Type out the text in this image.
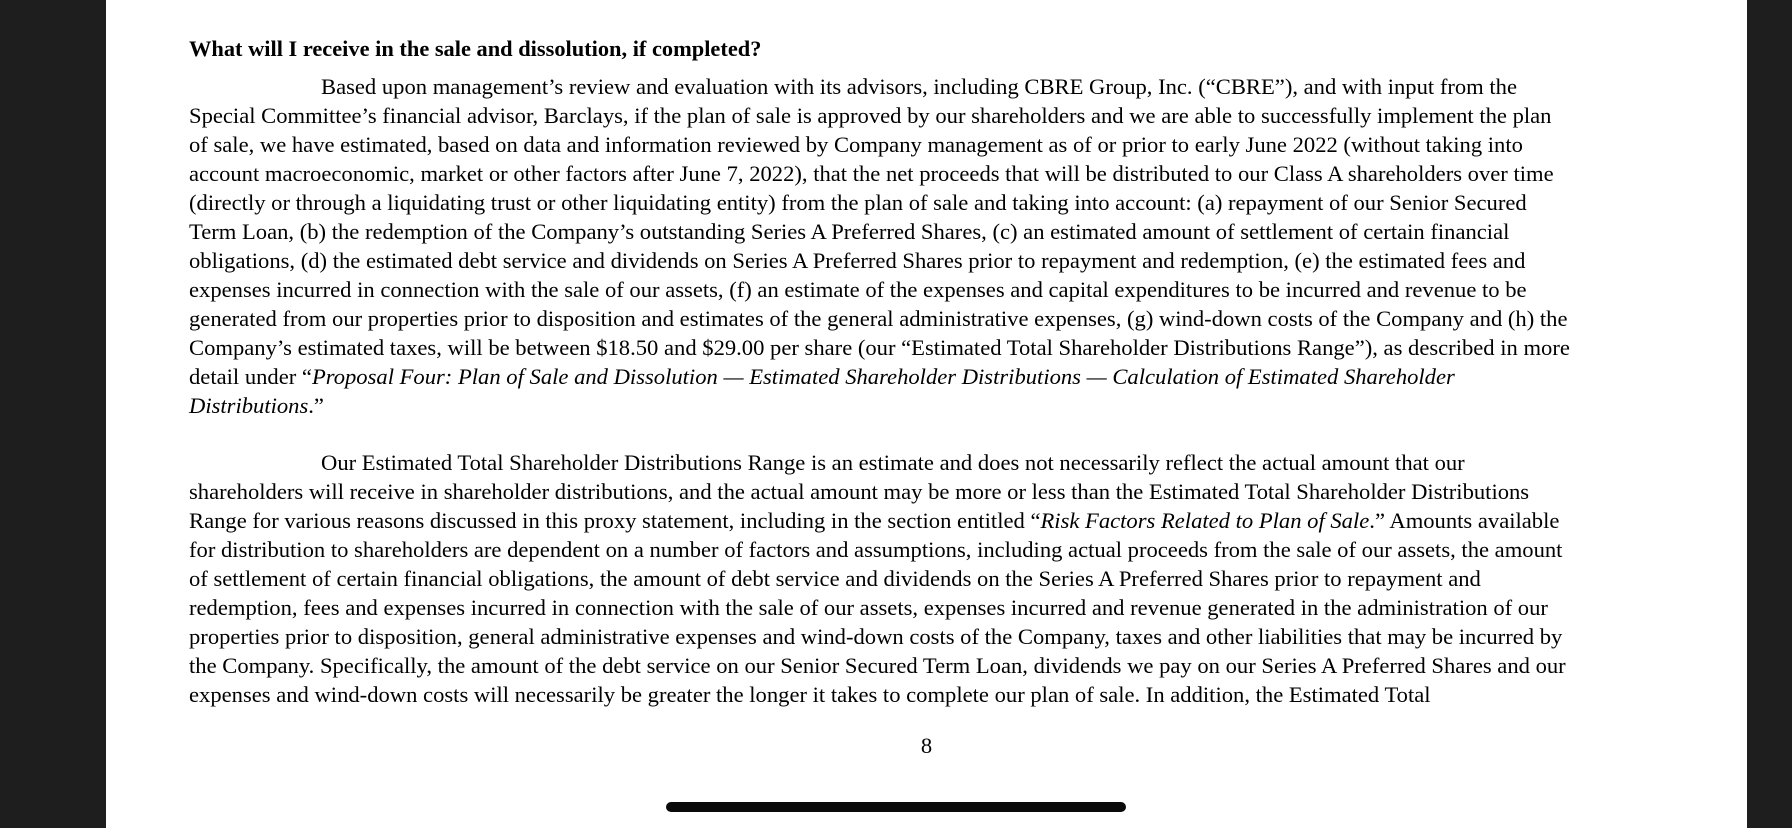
What will I receive in the sale and dissolution, if completed?
Based upon management’s review and evaluation with its advisors, including CBRE Group, Inc. (“CBRE”), and with input from the
Special Committee’s financial advisor, Barclays, if the plan of sale is approved by our shareholders and we are able to successfully implement the plan
of sale, we have estimated, based on data and information reviewed by Company management as of or prior to early June 2022 (without taking into
account macroeconomic, market or other factors after June 7, 2022), that the net proceeds that will be distributed to our Class A shareholders over time
(directly or through a liquidating trust or other liquidating entity) from the plan of sale and taking into account: (a) repayment of our Senior Secured
Term Loan, (b) the redemption of the Company’s outstanding Series A Preferred Shares, (c) an estimated amount of settlement of certain financial
obligations, (d) the estimated debt service and dividends on Series A Preferred Shares prior to repayment and redemption, (e) the estimated fees and
expenses incurred in connection with the sale of our assets, (f) an estimate of the expenses and capital expenditures to be incurred and revenue to be
generated from our properties prior to disposition and estimates of the general administrative expenses, (g) wind-down costs of the Company and (h) the
Company’s estimated taxes, will be between $18.50 and $29.00 per share (our “Estimated Total Shareholder Distributions Range”), as described in more
detail under “Proposal Four: Plan of Sale and Dissolution — Estimated Shareholder Distributions — Calculation of Estimated Shareholder
Distributions.”
Our Estimated Total Shareholder Distributions Range is an estimate and does not necessarily reflect the actual amount that our
shareholders will receive in shareholder distributions, and the actual amount may be more or less than the Estimated Total Shareholder Distributions
Range for various reasons discussed in this proxy statement, including in the section entitled “Risk Factors Related to Plan of Sale.” Amounts available
for distribution to shareholders are dependent on a number of factors and assumptions, including actual proceeds from the sale of our assets, the amount
of settlement of certain financial obligations, the amount of debt service and dividends on the Series A Preferred Shares prior to repayment and
redemption, fees and expenses incurred in connection with the sale of our assets, expenses incurred and revenue generated in the administration of our
properties prior to disposition, general administrative expenses and wind-down costs of the Company, taxes and other liabilities that may be incurred by
the Company. Specifically, the amount of the debt service on our Senior Secured Term Loan, dividends we pay on our Series A Preferred Shares and our
expenses and wind-down costs will necessarily be greater the longer it takes to complete our plan of sale. In addition, the Estimated Total
8
